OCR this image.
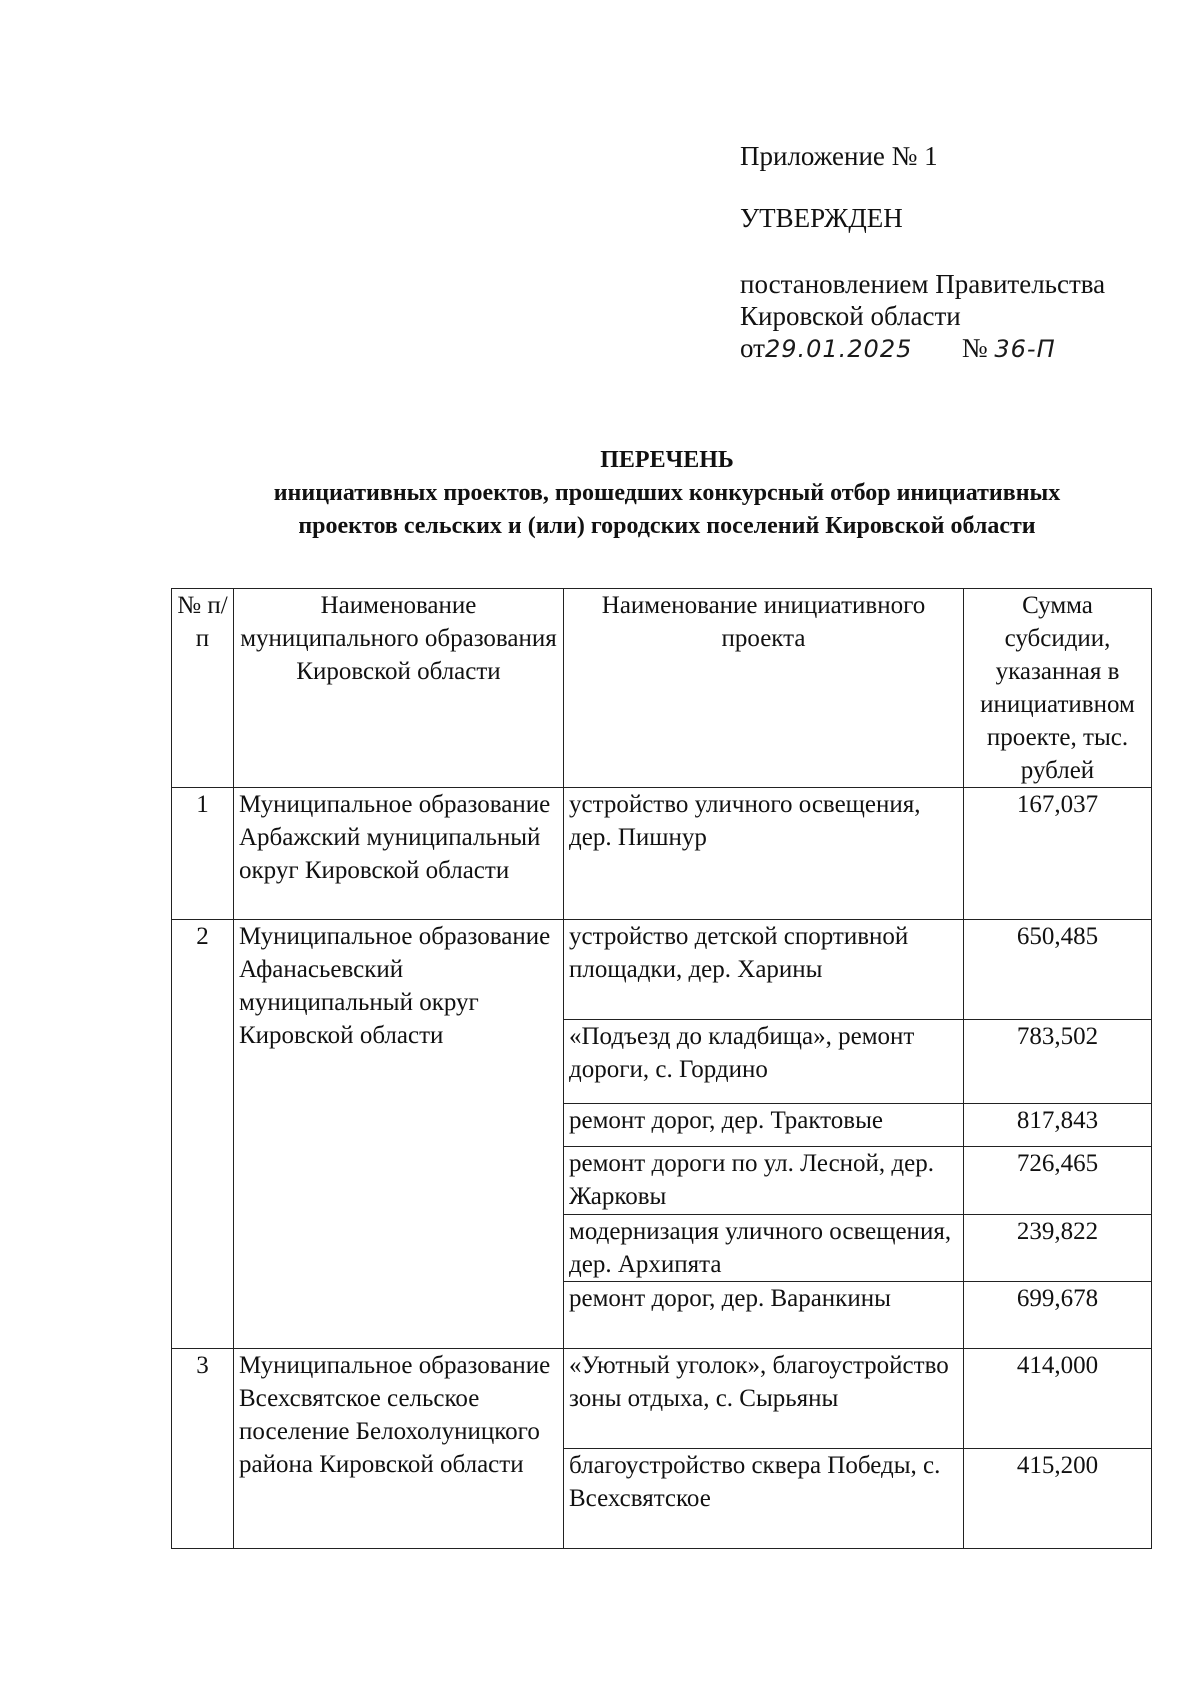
Приложение № 1
УТВЕРЖДЕН
постановлением Правительства
Кировской области
от29.01.2025 № 36-П
ПЕРЕЧЕНЬ
инициативных проектов, прошедших конкурсный отбор инициативных
проектов сельских и (или) городских поселений Кировской области
№ п/п	Наименование муниципального образования Кировской области	Наименование инициативного проекта	Сумма субсидии, указанная в инициативном проекте, тыс. рублей
1	Муниципальное образование Арбажский муниципальный округ Кировской области	устройство уличного освещения, дер. Пишнур	167,037
2	Муниципальное образование Афанасьевский муниципальный округ Кировской области	устройство детской спортивной площадки, дер. Харины	650,485
		«Подъезд до кладбища», ремонт дороги, с. Гордино	783,502
		ремонт дорог, дер. Трактовые	817,843
		ремонт дороги по ул. Лесной, дер. Жарковы	726,465
		модернизация уличного освещения, дер. Архипята	239,822
		ремонт дорог, дер. Варанкины	699,678
3	Муниципальное образование Всехсвятское сельское поселение Белохолуницкого района Кировской области	«Уютный уголок», благоустройство зоны отдыха, с. Сырьяны	414,000
		благоустройство сквера Победы, с. Всехсвятское	415,200
